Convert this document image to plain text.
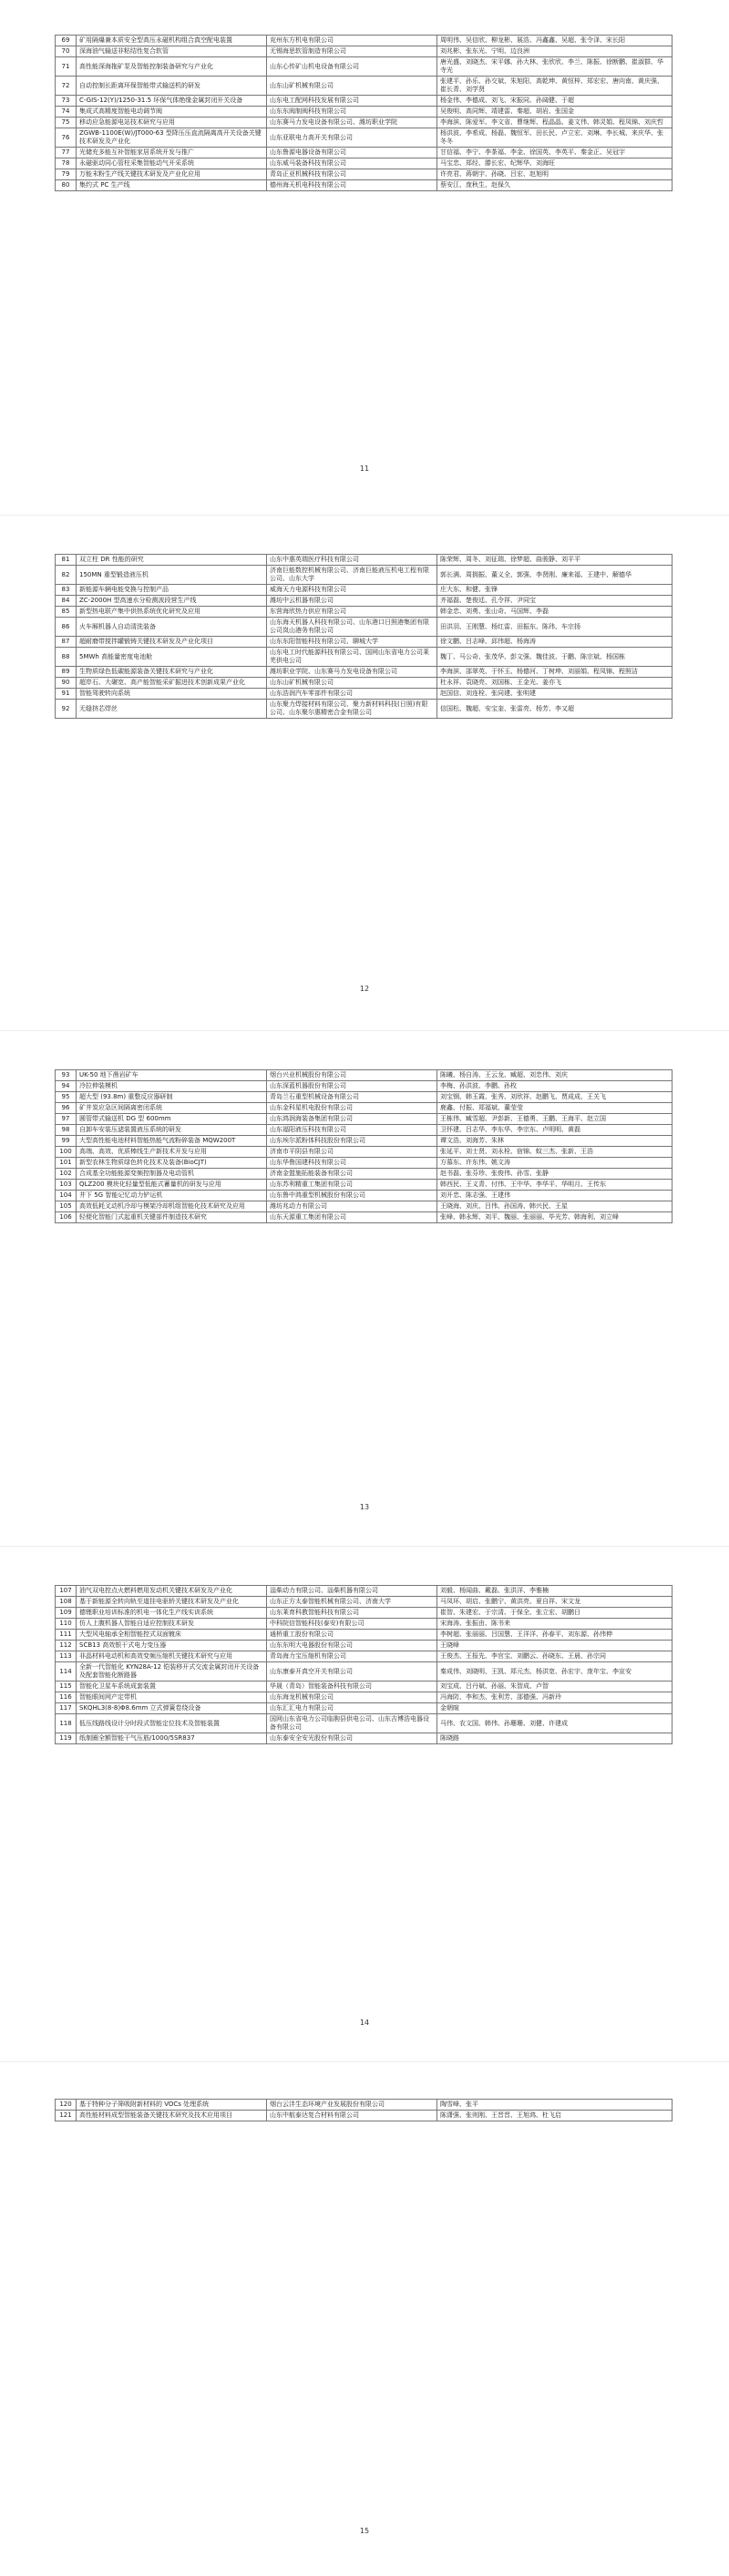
69	矿用隔爆兼本质安全型高压永磁机构组合真空配电装置	兖州东方机电有限公司	周明伟、吴信欣、柳龙彬、展浩、冯鑫鑫、吴超、张令泽、宋长阳
70	深海油气输送非粘结性复合软管	无锡海思软管制造有限公司	刘兆彬、张东光、宁明、边良洲
71	高性能深海拖矿泵及智能控制装备研究与产业化	山东心传矿山机电设备有限公司	唐光盛、刘晓杰、宋平娜、孙大林、张欣欣、李兰、陈振、徐断鹏、崔淑群、华寺光
72	自动控制长距离环保智能带式输送机的研发	山东山矿机械有限公司	张建平、孙乐、孙交斌、朱旭阳、高乾坤、黄恒梓、郑宏宏、唐向南、黄庆强、崔长青、刘学贤
73	C-GIS-12(Y)/1250-31.5 环保气体绝缘金属封闭开关设备	山东电工配网科技发展有限公司	杨金伟、李德成、刘飞、宋振同、孙阔健、于超
74	集成式高精度智能电动调节阀	山东东阀制阀科技有限公司	吴俊明、高同辉、靖建雷、秦超、胡岩、张国金
75	移动应急能源电站技术研究与应用	山东赛马力发电设备有限公司、潍坊职业学院	李海滨、陈爱军、李文省、曹继辉、程晶晶、姜文伟、韩灵娟、程凤锦、刘庆哲
76	ZGWB-1100E(W)/JT000-63 型降压压直流隔离高开关设备关键技术研发及产业化	山东亚联电力高开关有限公司	杨洪波、李希成、杨磊、魏恒军、田长民、卢立宏、刘琳、李长城、来庆华、张冬冬
77	光储充多能互补智能家居系统开发与推广	山东鲁源电器设备有限公司	甘信福、李宁、李茶福、李金、徐国英、李英平、秦金正、吴冠宇
78	永磁驱动同心管柱采集智能动气开采系统	山东威马装备科技有限公司	马宝忠、郑经、滕长宏、纪辉华、刘海旺
79	万能末粉生产线关键技术研发及产业化应用	青岛正亚机械科技有限公司	许亮君、蒋朝宇、孙晓、吕宏、赵旭明
80	集约式 PC 生产线	德州海天机电科技有限公司	蔡安江、庞秋生、赵保久
11
81	双立柱 DR 性能的研究	山东中惠英瑞医疗科技有限公司	陈荣辉、周冬、刘征瑞、徐梦超、曲骏静、刘平平
82	150MN 重型锻造液压机	济南巨能数控机械有限公司、济南巨能液压机电工程有限公司、山东大学	郭长满、周拥振、董义全、郭强、李贤刚、廉来福、王建中、解德华
83	新能源车辆电能变换与控制产品	威海天力电源科技有限公司	庄大东、和健、张锋
84	ZC-2000H 型高速水分检测波段营生产线	潍坊中云机器有限公司	齐福磊、楚俊廷、孔令祥、尹同宝
85	新型热电联产集中供热系统优化研究及应用	东营海欣热力供应有限公司	韩金忠、刘勇、张山奇、马国辉、李磊
86	火车厢机器人自动清洗装备	山东海天机器人科技有限公司、山东港口日照港集团有限公司岚山港务有限公司	田洪羽、王刚慧、杨红雷、田振东、陈玮、车宗扬
87	超耐磨带搅拌罐锻铸关键技术研发及产业化项目	山东东阳智能科技有限公司、聊城大学	徐文鹏、吕志峰、邱伟超、杨海涛
88	5MWh 高能量密度电池舱	山东电工时代能源科技有限公司、国网山东省电力公司莱芜供电公司	魏丁、马公奇、张茂华、彭文强、魏佳波、于鹏、陈宗斌、杨国栋
89	生物质绿色低碳能源装备关键技术研究与产业化	潍坊职业学院、山东赛马力发电设备有限公司	李海滨、邵翠英、于怀玉、杨德河、丁树坤、刘丽娟、程凤锦、程照洁
90	超岸石、大碾宽、高产能智能采矿掘进技术创新成果产业化	山东山矿机械有限公司	杜永祥、袁晓亮、刘国栋、王金光、姜亦飞
91	智能驾驶转向系统	山东浩润汽车零部件有限公司	赵国信、刘连栓、张同建、张明建
92	无缝挤芯焊丝	山东聚力焊接材料有限公司、聚力新材料科技(日照)有限公司、山东聚尔惠精密合金有限公司	信国松、魏超、安宝奎、张雷亮、杨芳、李又超
12
93	UK-50 地下凿岩矿车	烟台兴业机械股份有限公司	陈曦、杨自涛、王云龙、臧超、刘忠伟、刘庆
94	冷拉伸装模机	山东深蓝机器股份有限公司	李梅、孙洪波、李鹏、孙枚
95	超大型 (93.8m) 重整反应器研制	青岛兰石重型机械设备有限公司	刘宝钢、韩玉霞、张秀、刘欣祥、赵鹏飞、贾成成、王关飞
96	矿井炭应急区间隔离密闭系统	山东金科星机电股份有限公司	鹿鑫、付振、郑福斌、董莹莹
97	圆管带式输送机 DG 型 600mm	山东鸿润海装备集团有限公司	王栋伟、臧雪超、尹彭新、王德勇、王鹏、王海平、赵立国
98	自卸车安装压滤装置液压系统的研发	山东福阳液压科技有限公司	卫怀建、吕志华、李东华、李宗东、卢明明、黄磊
99	大型高性能电池材料智能热能气流粉碎装备 MQW200T	山东埃尔派粉体科技股份有限公司	谭文浩、刘海芳、朱林
100	高端、高效、优质棒线生产新技术开发与应用	济南市平阴县有限公司	张延平、刘士贤、刘永栓、宿锦、蚊三杰、张新、王浩
101	新型农林生物质绿色转化技术及装备(BioCJT)	山东华鲁国建科技有限公司	方慕东、许东伟、姚文涛
102	合成基全功能能源变频控制器及电动管机	济南金盟施拓能装备有限公司	赵书磊、张芬珍、张俊伟、孙雪、张静
103	QLZ200 模块化轻量型低能式蓄量机的研发与应用	山东苏利精重工集团有限公司	韩西民、王义青、付伟、王中华、李华平、华明月、王传东
104	井下 5G 智能记忆动力铲运机	山东鲁中鸿重型机械股份有限公司	刘开忠、陈志强、王建伟
105	高效低耗叉动机冷却与模架冷却机组智能化技术研究及应用	潍坊兆动力有限公司	王晓海、刘庆、吕伟、孙国涛、韩兴民、王星
106	轻便化智能门式起重机关键部件制造技术研究	山东天源重工集团有限公司	张峰、韩永辉、刘平、魏丽、张丽丽、毕光芳、韩海利、刘立峰
13
107	油气双电控点火燃料燃用发动机关键技术研发及产业化	淄柴动力有限公司、淄柴机器有限公司	刘毅、杨闻曲、戴磊、张洪洋、李雅楠
108	基于新能源全转向轨至道挂电驱轿关键技术研发及产业化	山东正方太泰智能机械有限公司、济南大学	马凤环、胡启、张鹏宁、黄洪亮、夏自祥、宋文龙
109	德锂职业培训标准的机电一体化生产线实训系统	山东莱育科教智能科技有限公司	崔智、朱建宏、于宗清、于保全、张立宏、胡鹏日
110	仿人上腹机器人智能自适应控制技术研发	中科院信智能科技(泰安)有限公司	宋海涛、张振由、陈书来
111	大型风电轴承全相智能控式双面镀床	通桥重工股份有限公司	李树超、张丽丽、吕国慧、王洋洋、孙春平、刘东源、孙伟伸
112	SCB13 高效银干式电力变压器	山东东明大电器股份有限公司	王晓峰
113	非晶材料电动机和高效变频压缩机关键技术研究与应用	青岛海力宝压缩机有限公司	王俊杰、王报先、李官宝、刘鹏云、孙晓东、王晨、孙宗同
114	全新一代智能化 KYN28A-12 铠装移开式交流金属封闭开关设备及配套智能化断路器	山东康泰开真空开关有限公司	秦成伟、刘晓明、王凯、郑元杰、杨洪宽、孙宏宇、庞年宝、李宣安
115	智能化卫星车系统成套装置	华晟（青岛）智能装备科技有限公司	刘宝成、吕丹斌、孙丽、朱智成、卢智
116	智能眼间网产定带机	山东海龙机械有限公司	冯海防、李和杰、张利芳、邵德强、冯新玲
117	SKQHL3(8-8)Φ8.6mm 立式弹簧卷绕设备	山东汇汇电力有限公司	金朝暄
118	低压线路线设计分时段式智能定位技术及智能装置	国网山东省电力公司临朐县供电公司、山东吉博浩电器设备有限公司	马伟、农文国、韩伟、孙珊珊、刘健、许建成
119	纸制圈全额智能干气压筋/1000/5SR837	山东泰安全安光股份有限公司	陈晓路
14
120	基于特种分子筛吸附新材料的 VOCs 处理系统	烟台云沣生态环境产业发展股份有限公司	陶雪峰、张平
121	高性能材料成型智能装备关键技术研究及技术应用项目	山东中航泰达复合材料有限公司	陈潇强、张则刚、王晋晋、王旭鸿、杜飞启
15
